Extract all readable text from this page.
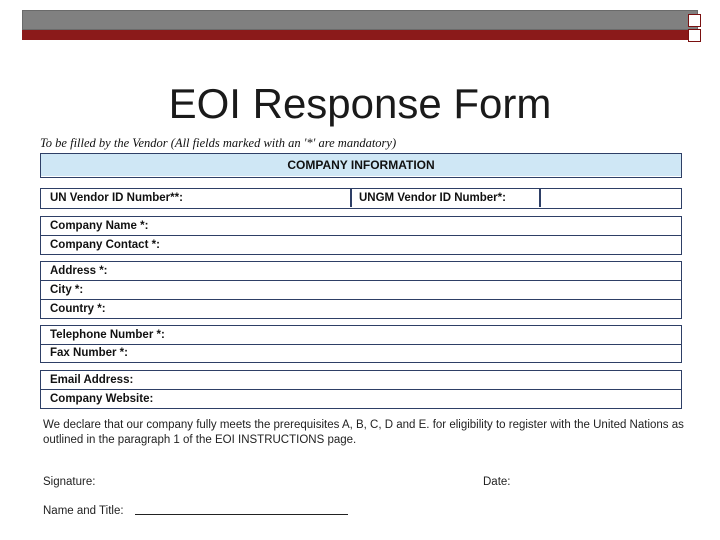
EOI Response Form
To be filled by the Vendor (All fields marked with an '*' are mandatory)
COMPANY INFORMATION
UN Vendor ID Number**:	UNGM Vendor ID Number*:
Company Name *:
Company Contact *:
Address *:
City *:
Country *:
Telephone Number *:
Fax Number *:
Email Address:
Company Website:
We declare that our company fully meets the prerequisites A, B, C, D and E. for eligibility to register with the United Nations as outlined in the paragraph 1 of the EOI INSTRUCTIONS page.
Signature:	Date:
Name and Title:
